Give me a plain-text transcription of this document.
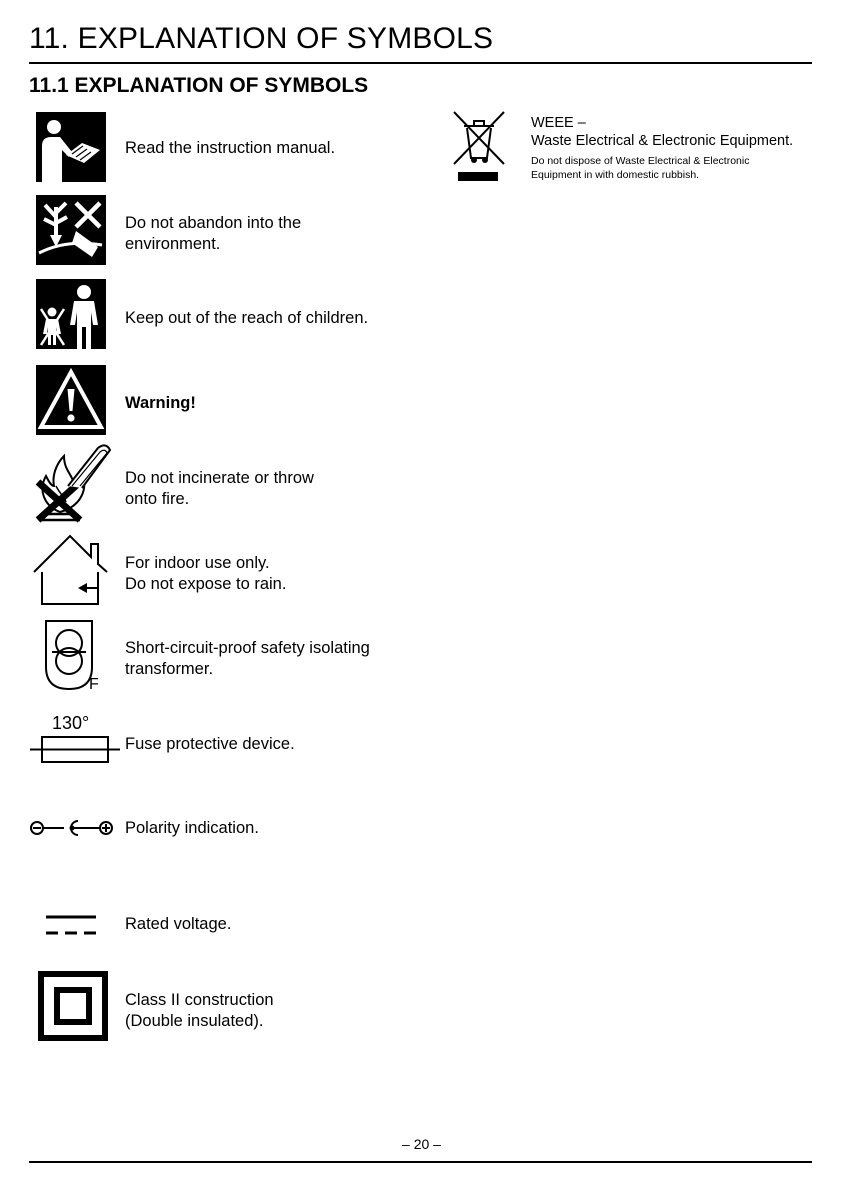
11. EXPLANATION OF SYMBOLS
11.1 EXPLANATION OF SYMBOLS
Read the instruction manual.
Do not abandon into the
environment.
Keep out of the reach of children.
Warning!
Do not incinerate or throw
onto fire.
For indoor use only.
Do not expose to rain.
F
Short-circuit-proof safety isolating
transformer.
130°
Fuse protective device.
Polarity indication.
Rated voltage.
Class II construction
(Double insulated).
WEEE –
Waste Electrical & Electronic Equipment.
Do not dispose of Waste Electrical & Electronic
Equipment in with domestic rubbish.
– 20 –
